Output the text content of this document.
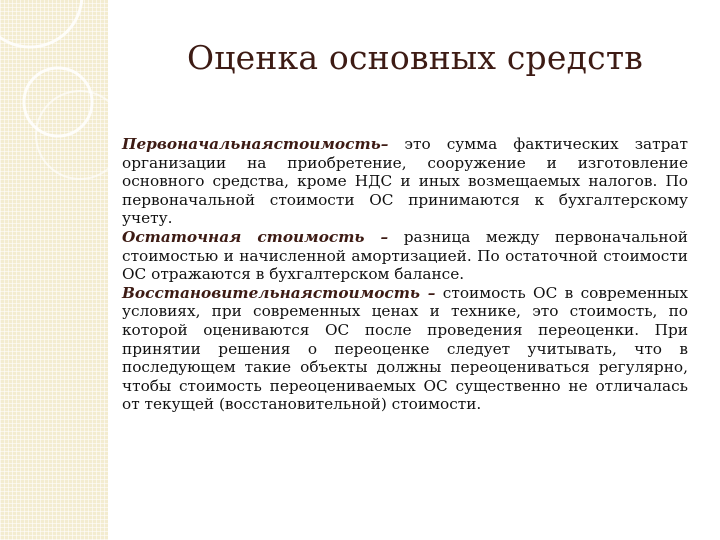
Оценка основных средств

Первоначальнаястоимость– это сумма фактических затрат организации на приобретение, сооружение и изготовление основного средства, кроме НДС и иных возмещаемых налогов. По первоначальной стоимости ОС принимаются к бухгалтерскому учету.

Остаточная стоимость – разница между первоначальной стоимостью и начисленной амортизацией. По остаточной стоимости ОС отражаются в бухгалтерском балансе.

Восстановительнаястоимость – стоимость ОС в современных условиях, при современных ценах и технике, это стоимость, по которой оцениваются ОС после проведения переоценки. При принятии решения о переоценке следует учитывать, что в последующем такие объекты должны переоцениваться регулярно, чтобы стоимость переоцениваемых ОС существенно не отличалась от текущей (восстановительной) стоимости.
